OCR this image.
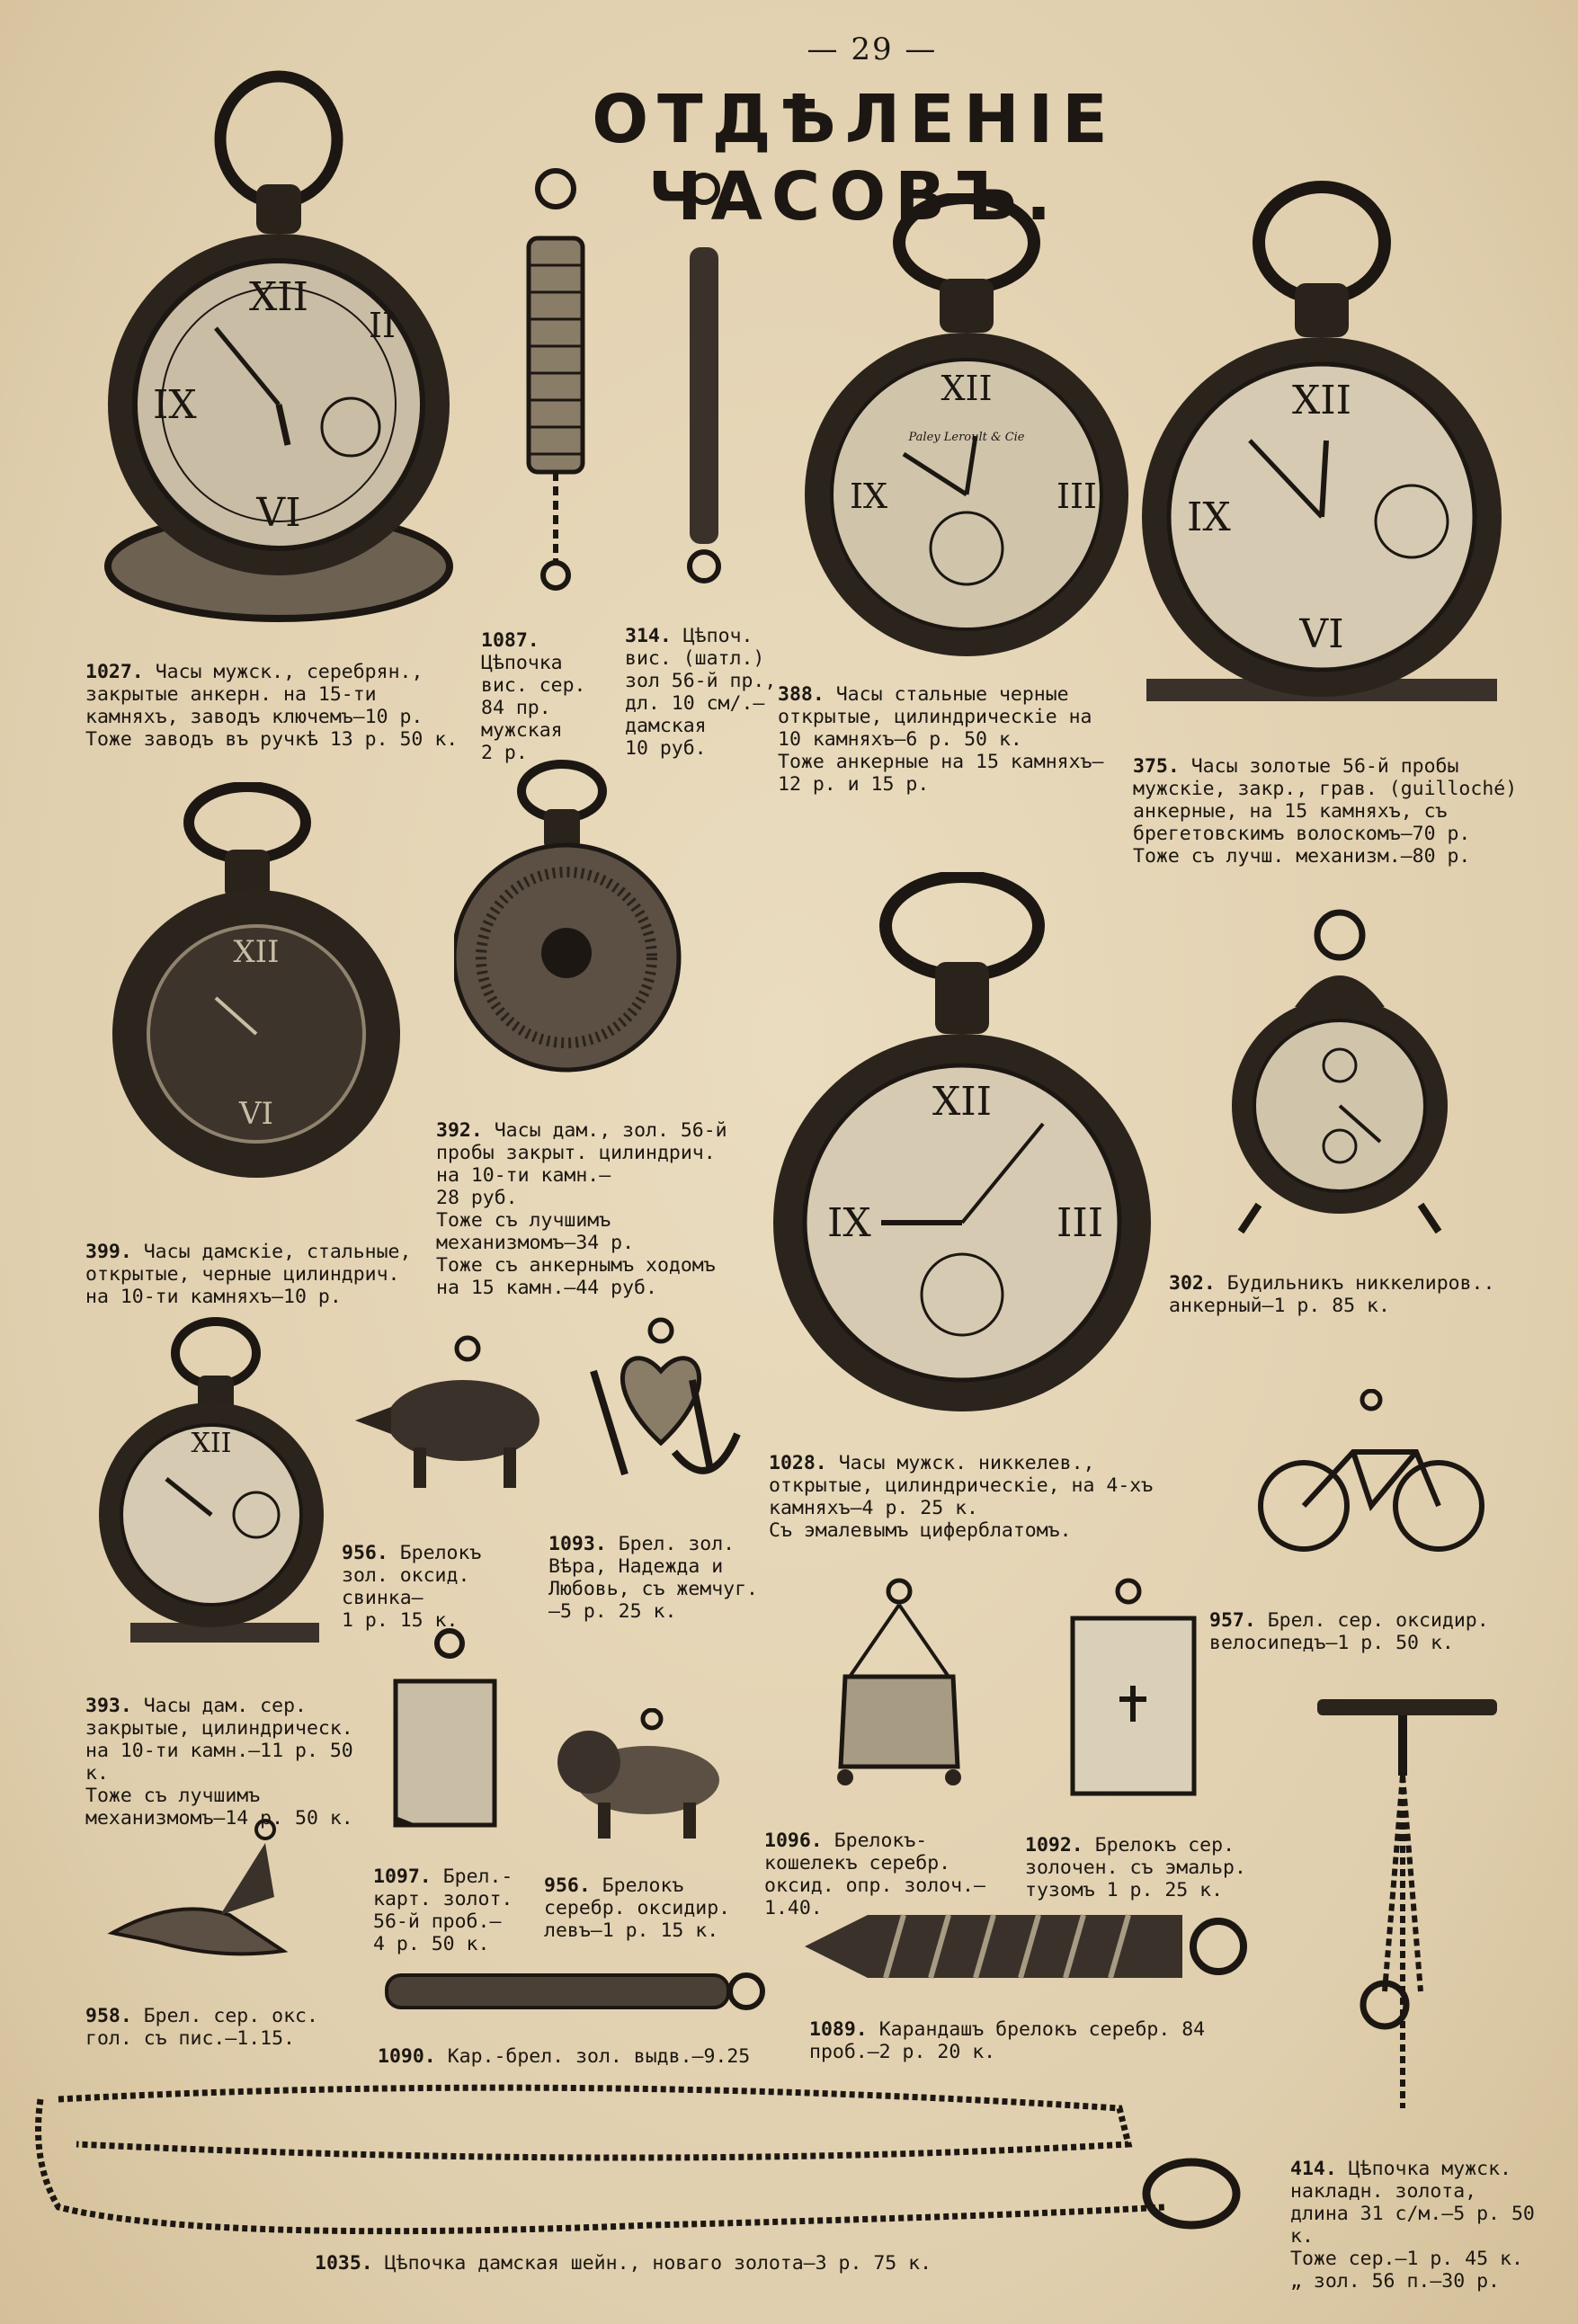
— 29 —
ОТДѢЛЕНІЕ ЧАСОВЪ.
XII
VI
IX
II
XII
IX	III
Paley Leroult & Cie
XII
IX
VI
XII
VI	XII
IX	III
XII

1027. Часы мужск., серебрян., закрытые анкерн. на 15-ти камняхъ, заводъ ключемъ—10 р.
Тоже заводъ въ ручкѣ 13 р. 50 к.

1087. Цѣпочка вис. сер. 84 пр. мужская
2 р.

314. Цѣпоч. вис. (шатл.) зол 56-й пр., дл. 10 см/.—
дамская
10 руб.

388. Часы стальные черные открытые, цилиндрическіе на 10 камняхъ—6 р. 50 к.
Тоже анкерные на 15 камняхъ—12 р. и 15 р.

375. Часы золотые 56-й пробы мужскіе, закр., грав. (guilloché) анкерные, на 15 камняхъ, съ брегетовскимъ волоскомъ—70 р.
Тоже съ лучш. механизм.—80 р.

399. Часы дамскіе, стальные, открытые, черные цилиндрич. на 10-ти камняхъ—10 р.

392. Часы дам., зол. 56-й пробы закрыт. цилиндрич. на 10-ти камн.—
28 руб.
Тоже съ лучшимъ механизмомъ—34 р.
Тоже съ анкернымъ ходомъ на 15 камн.—44 руб.	302. Будильникъ никкелиров.. анкерный—1 р. 85 к.

1028. Часы мужск. никкелев., открытые, цилиндрическіе, на 4-хъ камняхъ—4 р. 25 к.
Съ эмалевымъ циферблатомъ.

956. Брелокъ зол. оксид. свинка—
1 р. 15 к.

1093. Брел. зол. Вѣра, Надежда и Любовь, съ жемчуг.—5 р. 25 к.	957. Брел. сер. оксидир. велосипедъ—1 р. 50 к.

393. Часы дам. сер. закрытые, цилиндрическ. на 10-ти камн.—11 р. 50 к.
Тоже съ лучшимъ механизмомъ—14 р. 50 к.

1097. Брел.-карт. золот. 56-й проб.—
4 р. 50 к.

956. Брелокъ серебр. оксидир. левъ—1 р. 15 к.

1096. Брелокъ-кошелекъ серебр. оксид. опр. золоч.—1.40.

1092. Брелокъ сер. золочен. съ эмальр. тузомъ 1 р. 25 к.

958. Брел. сер. окс. гол. съ пис.—1.15.

1090. Кар.-брел. зол. выдв.—9.25

1089. Карандашъ брелокъ серебр. 84 проб.—2 р. 20 к.

414. Цѣпочка мужск. накладн. золота, длина 31 с/м.—5 р. 50 к.
Тоже сер.—1 р. 45 к.
„ зол. 56 п.—30 р.

1035. Цѣпочка дамская шейн., новаго золота—3 р. 75 к.
